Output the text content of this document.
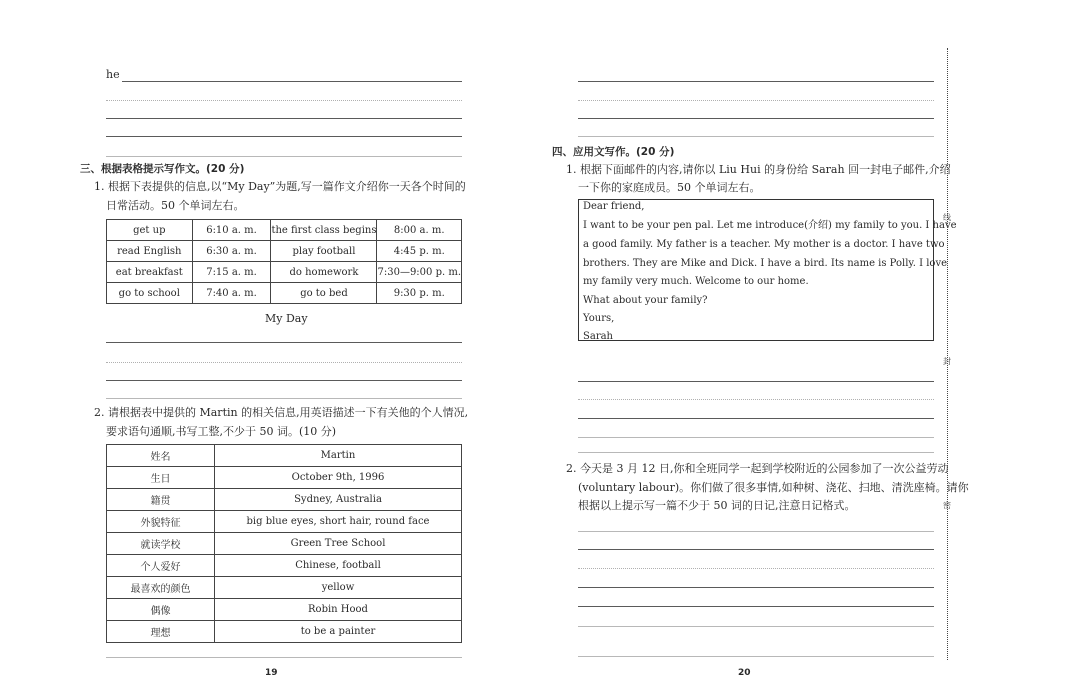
he
三、根据表格提示写作文。(20 分)
1. 根据下表提供的信息,以“My Day”为题,写一篇作文介绍你一天各个时间的
日常活动。50 个单词左右。
get up	6:10 a. m.	the first class begins	8:00 a. m.
read English	6:30 a. m.	play football	4:45 p. m.
eat breakfast	7:15 a. m.	do homework	7:30—9:00 p. m.
go to school	7:40 a. m.	go to bed	9:30 p. m.
My Day
2. 请根据表中提供的 Martin 的相关信息,用英语描述一下有关他的个人情况,
要求语句通顺,书写工整,不少于 50 词。(10 分)
姓名	Martin
生日	October 9th, 1996
籍贯	Sydney, Australia
外貌特征	big blue eyes, short hair, round face
就读学校	Green Tree School
个人爱好	Chinese, football
最喜欢的颜色	yellow
偶像	Robin Hood
理想	to be a painter
19
四、应用文写作。(20 分)
1. 根据下面邮件的内容,请你以 Liu Hui 的身份给 Sarah 回一封电子邮件,介绍
一下你的家庭成员。50 个单词左右。
Dear friend,
I want to be your pen pal. Let me introduce(介绍) my family to you. I have
a good family. My father is a teacher. My mother is a doctor. I have two
brothers. They are Mike and Dick. I have a bird. Its name is Polly. I love
my family very much. Welcome to our home.
What about your family?
Yours,
Sarah
2. 今天是 3 月 12 日,你和全班同学一起到学校附近的公园参加了一次公益劳动
(voluntary labour)。你们做了很多事情,如种树、浇花、扫地、清洗座椅。请你
根据以上提示写一篇不少于 50 词的日记,注意日记格式。
20
线
封
密
